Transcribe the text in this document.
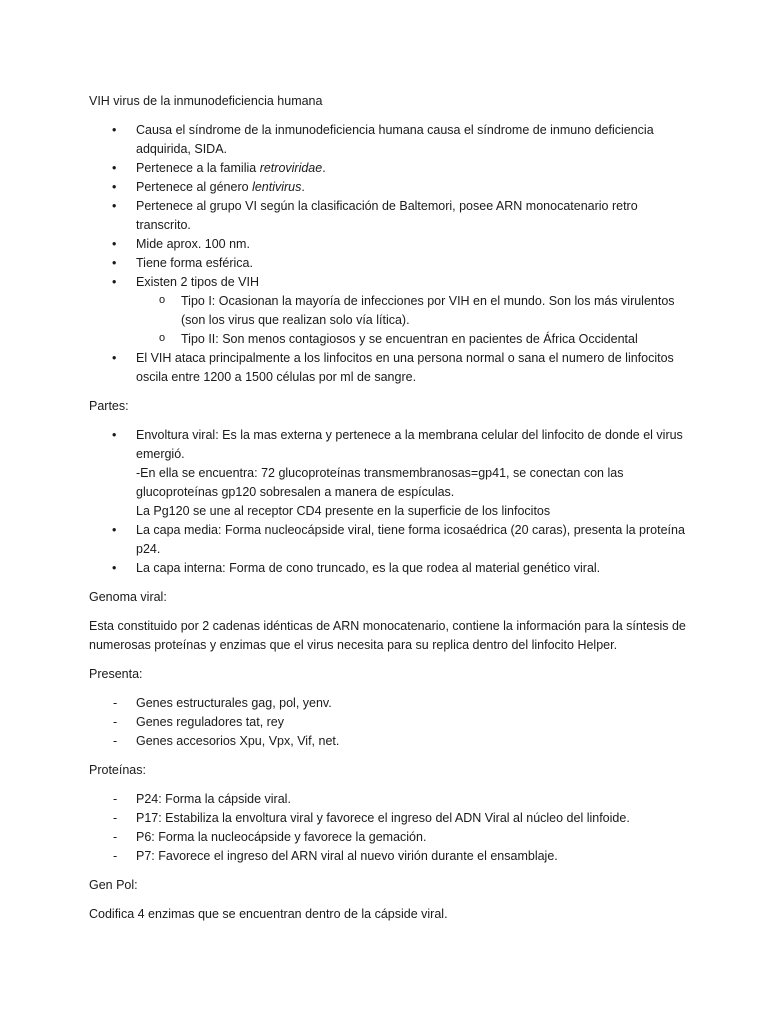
VIH virus de la inmunodeficiencia humana

• Causa el síndrome de la inmunodeficiencia humana causa el síndrome de inmuno deficiencia adquirida, SIDA.
• Pertenece a la familia retroviridae.
• Pertenece al género lentivirus.
• Pertenece al grupo VI según la clasificación de Baltemori, posee ARN monocatenario retro transcrito.
• Mide aprox. 100 nm.
• Tiene forma esférica.
• Existen 2 tipos de VIH
o Tipo I: Ocasionan la mayoría de infecciones por VIH en el mundo. Son los más virulentos (son los virus que realizan solo vía lítica).
o Tipo II: Son menos contagiosos y se encuentran en pacientes de África Occidental
• El VIH ataca principalmente a los linfocitos en una persona normal o sana el numero de linfocitos oscila entre 1200 a 1500 células por ml de sangre.

Partes:

• Envoltura viral: Es la mas externa y pertenece a la membrana celular del linfocito de donde el virus emergió.
-En ella se encuentra: 72 glucoproteínas transmembranosas=gp41, se conectan con las glucoproteínas gp120 sobresalen a manera de espículas.
La Pg120 se une al receptor CD4 presente en la superficie de los linfocitos
• La capa media: Forma nucleocápside viral, tiene forma icosaédrica (20 caras), presenta la proteína p24.
• La capa interna: Forma de cono truncado, es la que rodea al material genético viral.

Genoma viral:

Esta constituido por 2 cadenas idénticas de ARN monocatenario, contiene la información para la síntesis de numerosas proteínas y enzimas que el virus necesita para su replica dentro del linfocito Helper.

Presenta:

- Genes estructurales gag, pol, yenv.
- Genes reguladores tat, rey
- Genes accesorios Xpu, Vpx, Vif, net.

Proteínas:

- P24: Forma la cápside viral.
- P17: Estabiliza la envoltura viral y favorece el ingreso del ADN Viral al núcleo del linfoide.
- P6: Forma la nucleocápside y favorece la gemación.
- P7: Favorece el ingreso del ARN viral al nuevo virión durante el ensamblaje.

Gen Pol:

Codifica 4 enzimas que se encuentran dentro de la cápside viral.
